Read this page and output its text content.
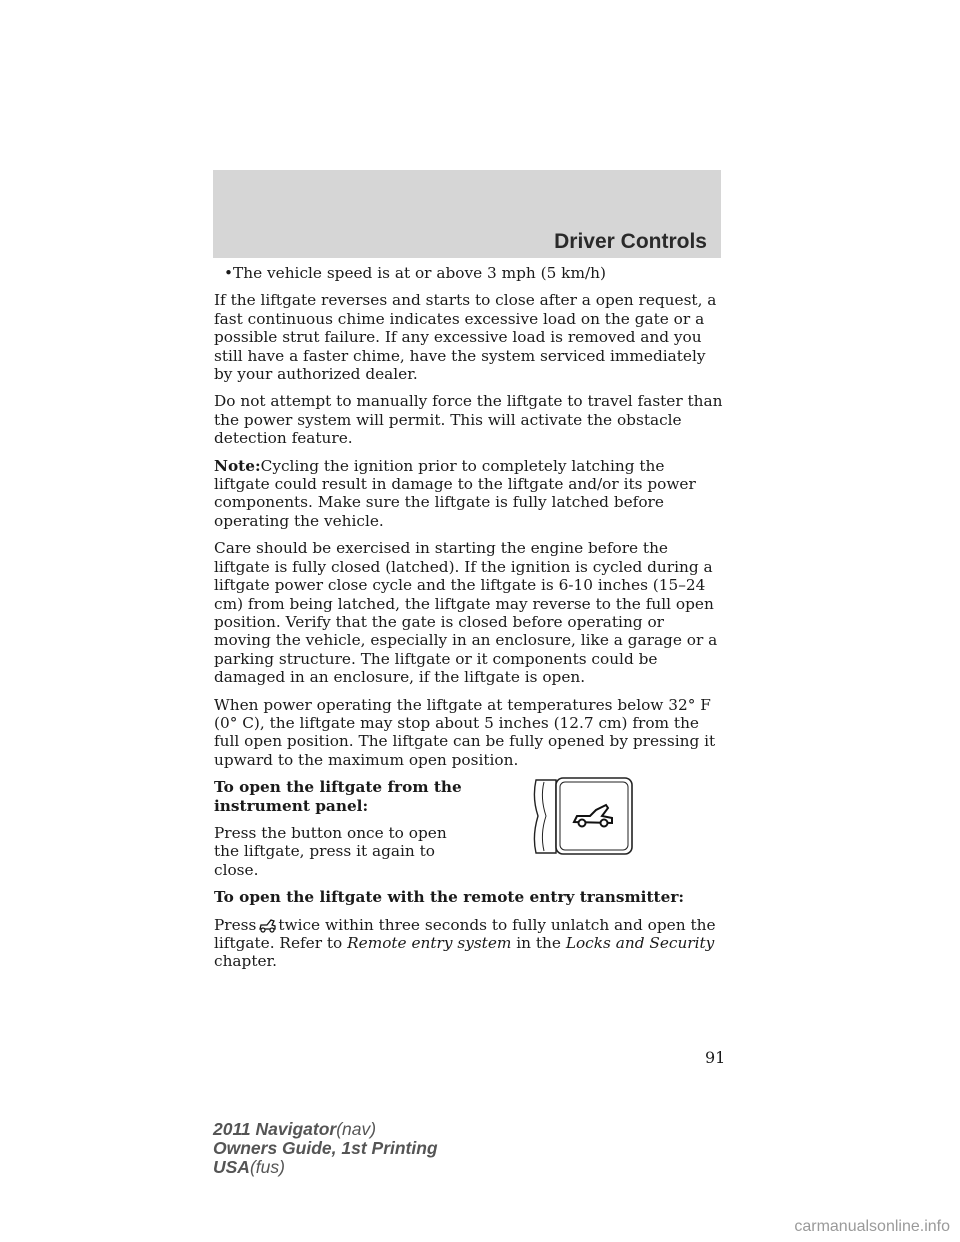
Driver Controls

•The vehicle speed is at or above 3 mph (5 km/h)

If the liftgate reverses and starts to close after a open request, a fast continuous chime indicates excessive load on the gate or a possible strut failure. If any excessive load is removed and you still have a faster chime, have the system serviced immediately by your authorized dealer.

Do not attempt to manually force the liftgate to travel faster than the power system will permit. This will activate the obstacle detection feature.

Note:Cycling the ignition prior to completely latching the liftgate could result in damage to the liftgate and/or its power components. Make sure the liftgate is fully latched before operating the vehicle.

Care should be exercised in starting the engine before the liftgate is fully closed (latched). If the ignition is cycled during a liftgate power close cycle and the liftgate is 6-10 inches (15–24 cm) from being latched, the liftgate may reverse to the full open position. Verify that the gate is closed before operating or moving the vehicle, especially in an enclosure, like a garage or a parking structure. The liftgate or it components could be damaged in an enclosure, if the liftgate is open.

When power operating the liftgate at temperatures below 32° F (0° C), the liftgate may stop about 5 inches (12.7 cm) from the full open position. The liftgate can be fully opened by pressing it upward to the maximum open position.

To open the liftgate from the instrument panel:

Press the button once to open the liftgate, press it again to close.

To open the liftgate with the remote entry transmitter:

Press twice within three seconds to fully unlatch and open the liftgate. Refer to Remote entry system in the Locks and Security chapter.

91
2011 Navigator(nav)
Owners Guide, 1st Printing
USA(fus)
carmanualsonline.info
